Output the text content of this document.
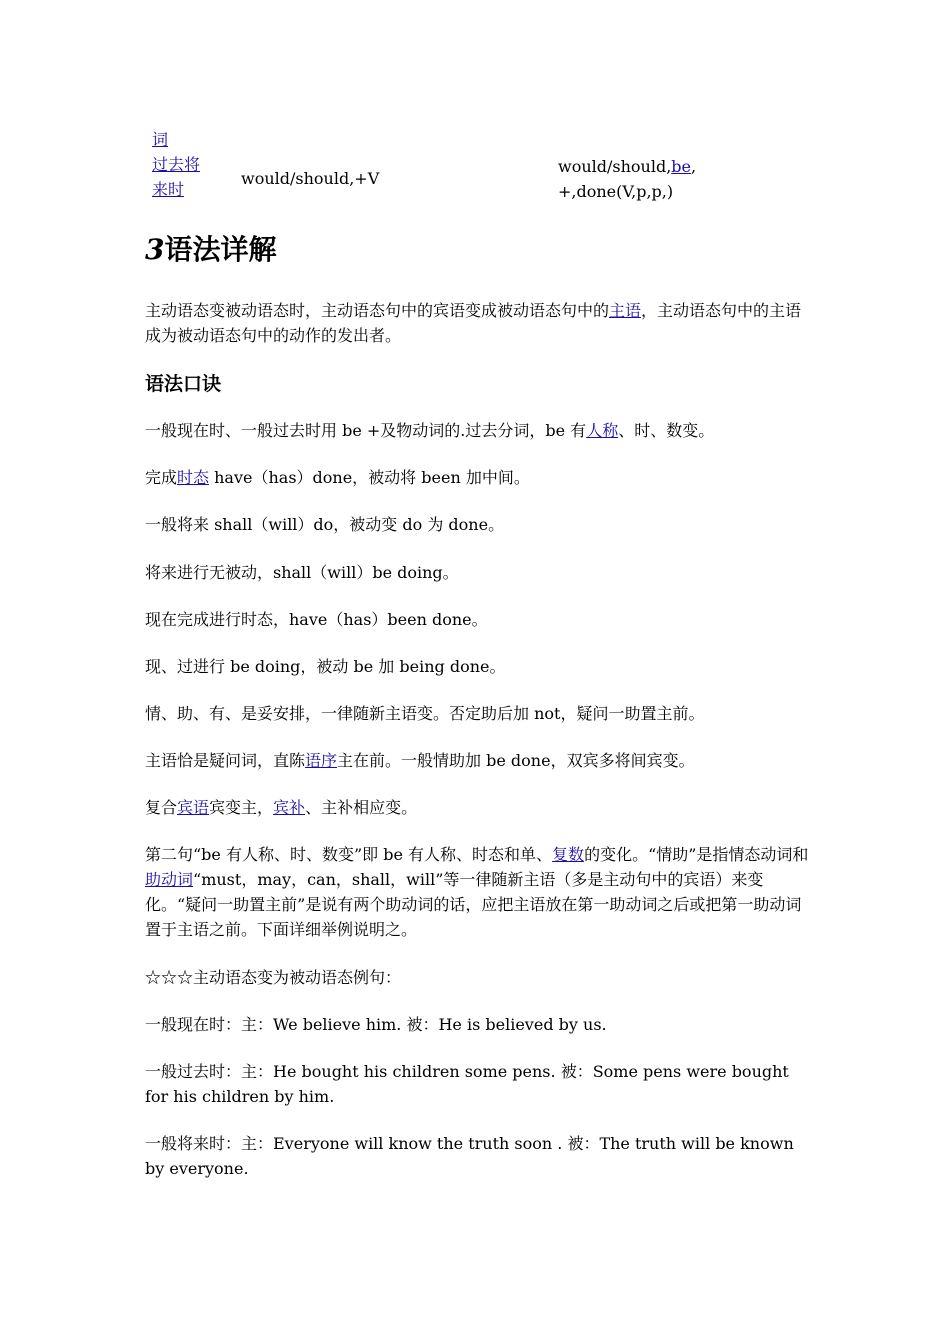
词
过去将
来时
would/should,+V
would/should,be,
+,done(V,p,p,)
3语法详解

主动语态变被动语态时，主动语态句中的宾语变成被动语态句中的主语，主动语态句中的主语成为被动语态句中的动作的发出者。

语法口诀

一般现在时、一般过去时用 be +及物动词的.过去分词，be 有人称、时、数变。

完成时态 have（has）done，被动将 been 加中间。

一般将来 shall（will）do，被动变 do 为 done。

将来进行无被动，shall（will）be doing。

现在完成进行时态，have（has）been done。

现、过进行 be doing，被动 be 加 being done。

情、助、有、是妥安排，一律随新主语变。否定助后加 not，疑问一助置主前。

主语恰是疑问词，直陈语序主在前。一般情助加 be done，双宾多将间宾变。

复合宾语宾变主，宾补、主补相应变。

第二句“be 有人称、时、数变”即 be 有人称、时态和单、复数的变化。“情助”是指情态动词和助动词“must，may，can，shall，will”等一律随新主语（多是主动句中的宾语）来变化。“疑问一助置主前”是说有两个助动词的话，应把主语放在第一助动词之后或把第一助动词置于主语之前。下面详细举例说明之。

☆☆☆主动语态变为被动语态例句：

一般现在时：主：We believe him. 被：He is believed by us.

一般过去时：主：He bought his children some pens. 被：Some pens were bought for his children by him.

一般将来时：主：Everyone will know the truth soon . 被：The truth will be known by everyone.
